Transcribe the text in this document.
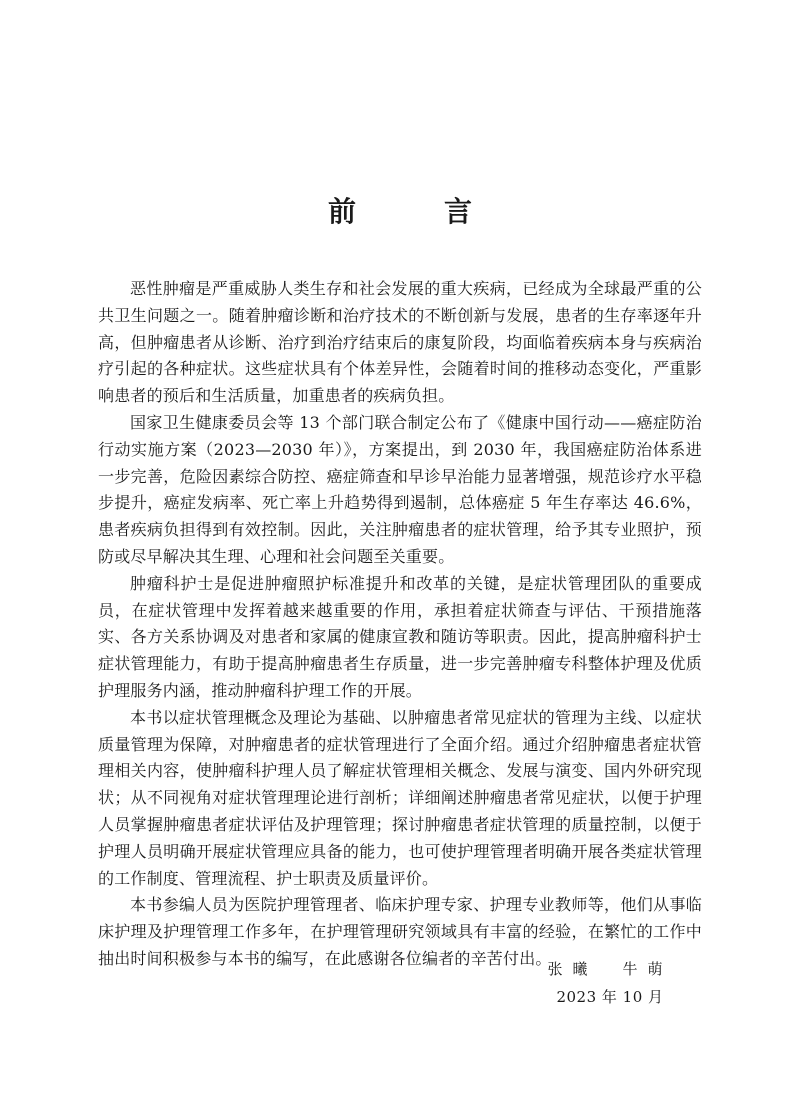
前　言

恶性肿瘤是严重威胁人类生存和社会发展的重大疾病，已经成为全球最严重的公共卫生问题之一。随着肿瘤诊断和治疗技术的不断创新与发展，患者的生存率逐年升高，但肿瘤患者从诊断、治疗到治疗结束后的康复阶段，均面临着疾病本身与疾病治疗引起的各种症状。这些症状具有个体差异性，会随着时间的推移动态变化，严重影响患者的预后和生活质量，加重患者的疾病负担。

国家卫生健康委员会等 13 个部门联合制定公布了《健康中国行动——癌症防治行动实施方案（2023—2030 年）》，方案提出，到 2030 年，我国癌症防治体系进一步完善，危险因素综合防控、癌症筛查和早诊早治能力显著增强，规范诊疗水平稳步提升，癌症发病率、死亡率上升趋势得到遏制，总体癌症 5 年生存率达 46.6%，患者疾病负担得到有效控制。因此，关注肿瘤患者的症状管理，给予其专业照护，预防或尽早解决其生理、心理和社会问题至关重要。

肿瘤科护士是促进肿瘤照护标准提升和改革的关键，是症状管理团队的重要成员，在症状管理中发挥着越来越重要的作用，承担着症状筛查与评估、干预措施落实、各方关系协调及对患者和家属的健康宣教和随访等职责。因此，提高肿瘤科护士症状管理能力，有助于提高肿瘤患者生存质量，进一步完善肿瘤专科整体护理及优质护理服务内涵，推动肿瘤科护理工作的开展。

本书以症状管理概念及理论为基础、以肿瘤患者常见症状的管理为主线、以症状质量管理为保障，对肿瘤患者的症状管理进行了全面介绍。通过介绍肿瘤患者症状管理相关内容，使肿瘤科护理人员了解症状管理相关概念、发展与演变、国内外研究现状；从不同视角对症状管理理论进行剖析；详细阐述肿瘤患者常见症状，以便于护理人员掌握肿瘤患者症状评估及护理管理；探讨肿瘤患者症状管理的质量控制，以便于护理人员明确开展症状管理应具备的能力，也可使护理管理者明确开展各类症状管理的工作制度、管理流程、护士职责及质量评价。

本书参编人员为医院护理管理者、临床护理专家、护理专业教师等，他们从事临床护理及护理管理工作多年，在护理管理研究领域具有丰富的经验，在繁忙的工作中抽出时间积极参与本书的编写，在此感谢各位编者的辛苦付出。

张曦　牛萌

2023 年 10 月
